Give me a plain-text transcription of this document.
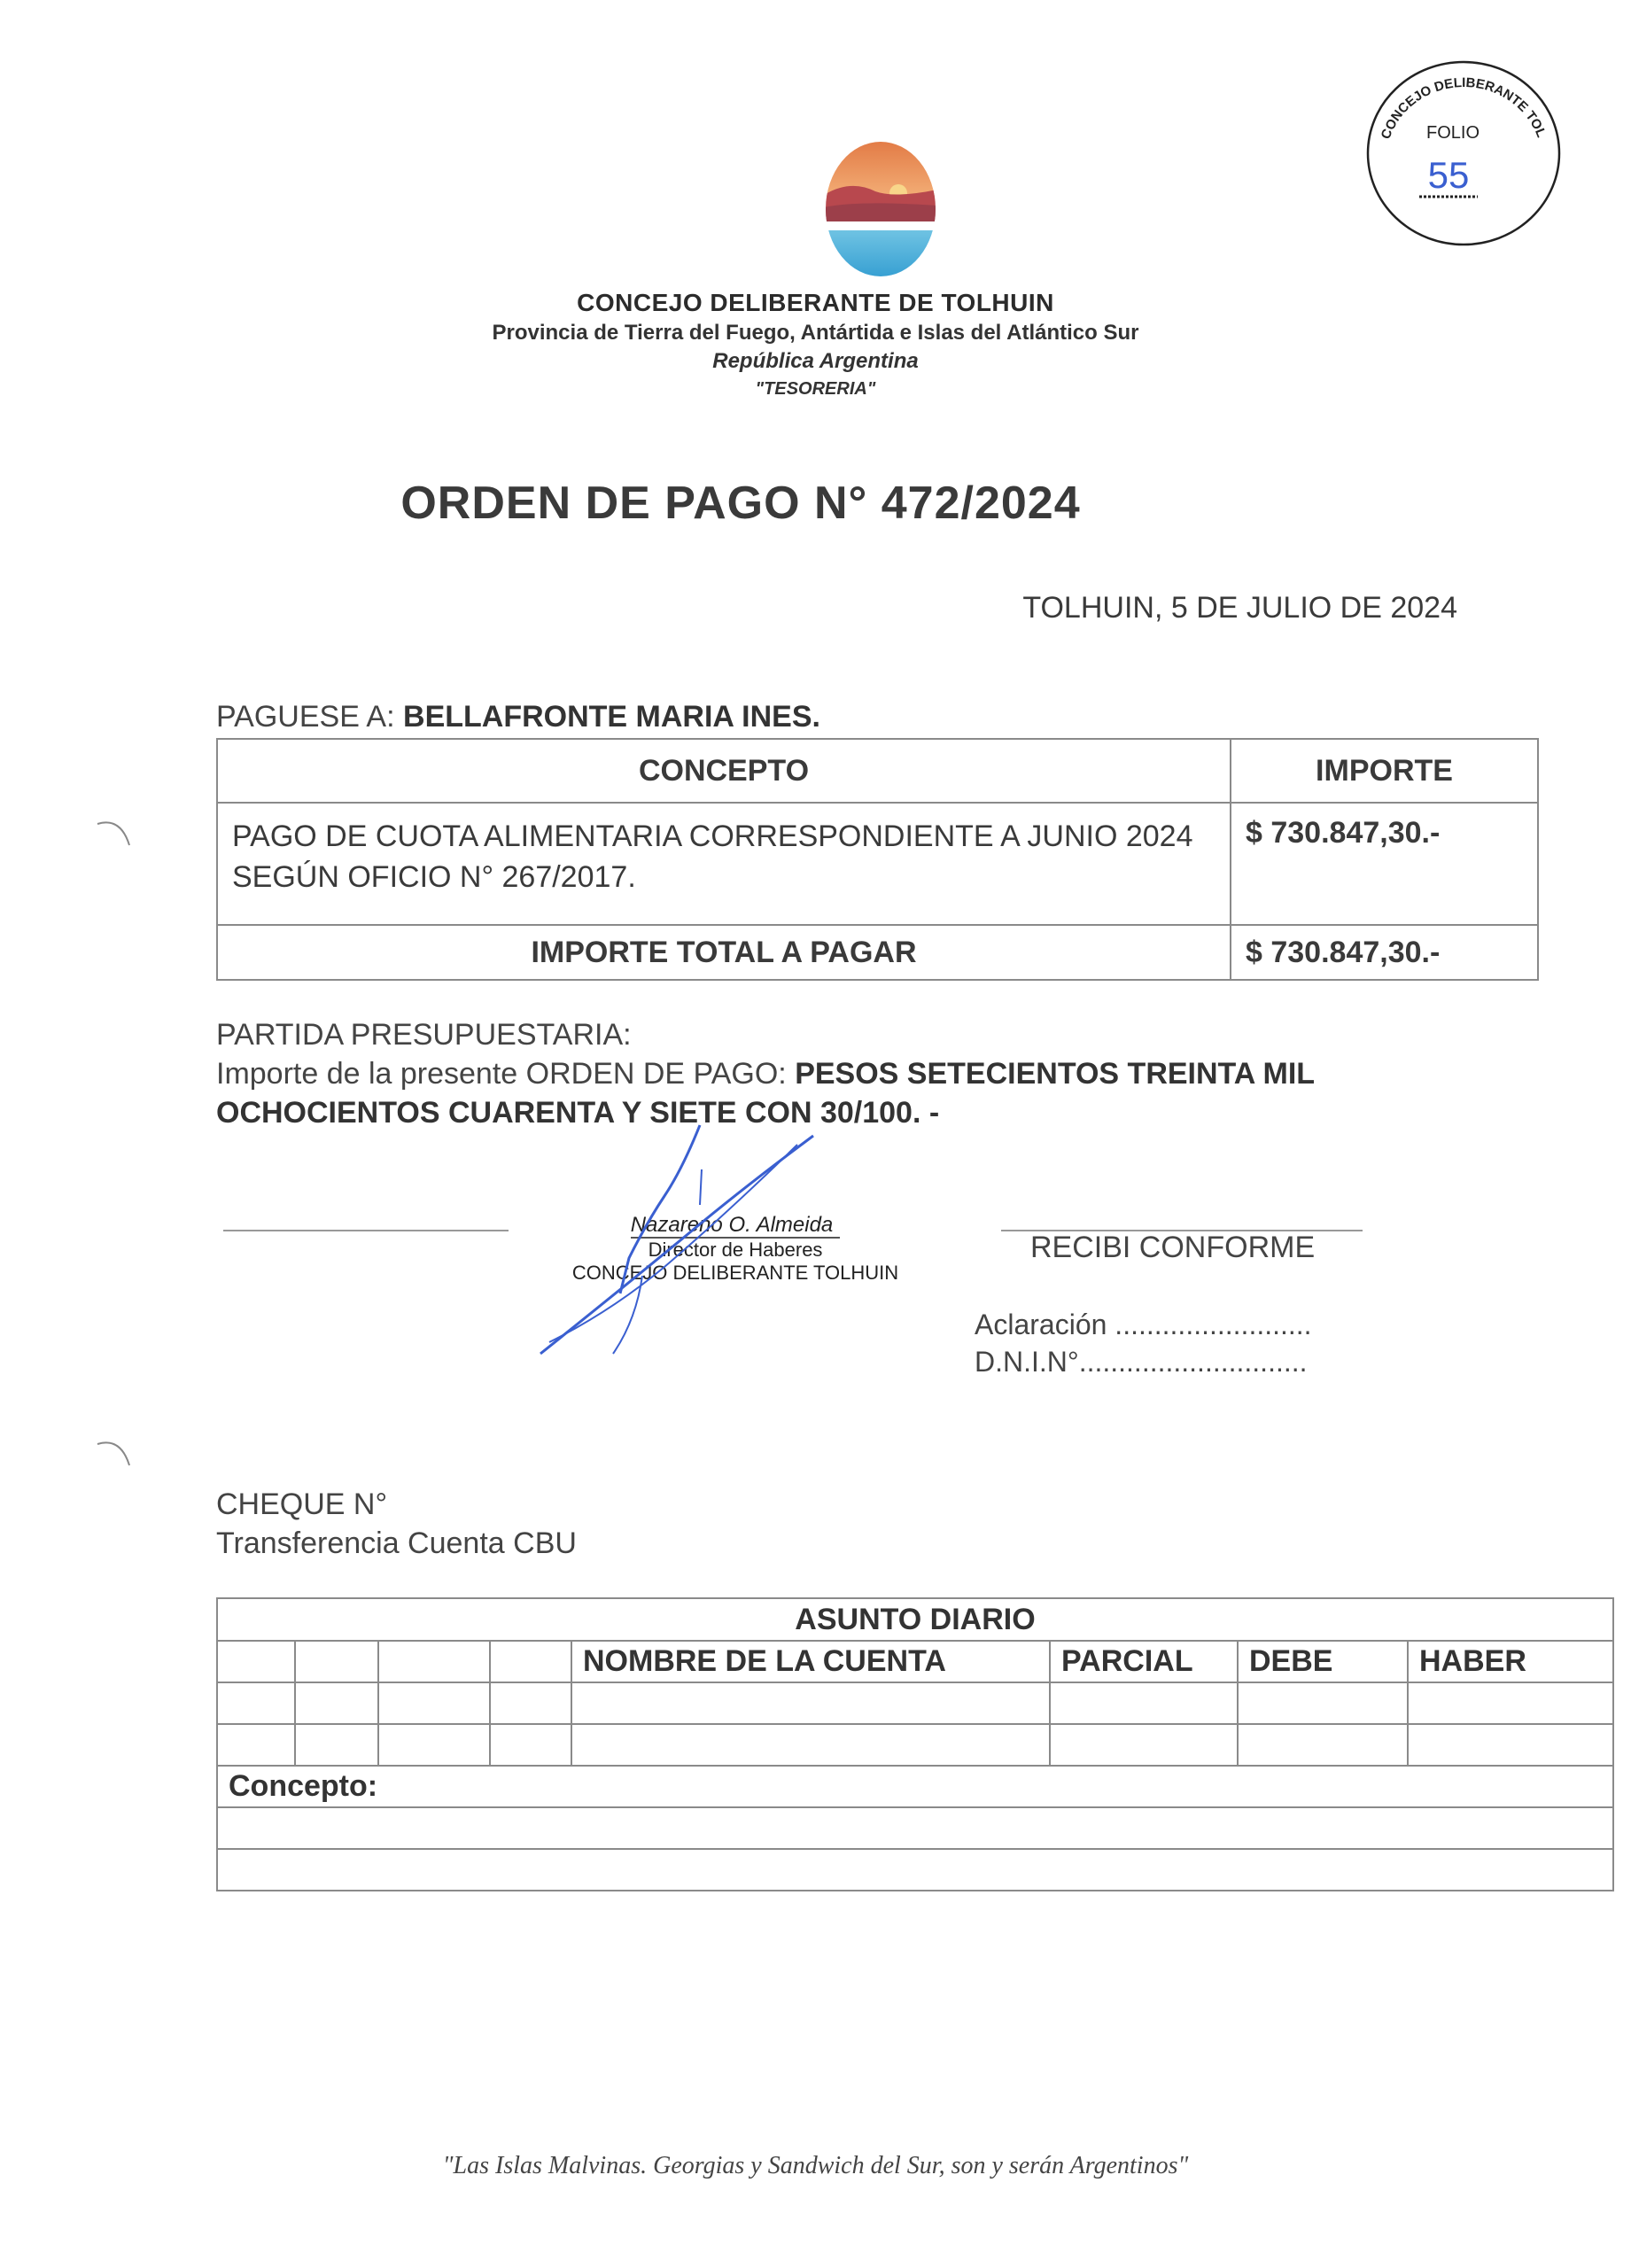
CONCEJO DELIBERANTE TOL
FOLIO
55
CONCEJO DELIBERANTE DE TOLHUIN
Provincia de Tierra del Fuego, Antártida e Islas del Atlántico Sur
República Argentina
"TESORERIA"
ORDEN DE PAGO N° 472/2024
TOLHUIN, 5 DE JULIO DE 2024
PAGUESE A: BELLAFRONTE MARIA INES.
CONCEPTO	IMPORTE
PAGO DE CUOTA ALIMENTARIA CORRESPONDIENTE A JUNIO 2024 SEGÚN OFICIO N° 267/2017.	$ 730.847,30.-
IMPORTE TOTAL A PAGAR	$ 730.847,30.-
PARTIDA PRESUPUESTARIA:
Importe de la presente ORDEN DE PAGO: PESOS SETECIENTOS TREINTA MIL
OCHOCIENTOS CUARENTA Y SIETE CON 30/100. -
Nazareno O. Almeida
Director de Haberes
CONCEJO DELIBERANTE TOLHUIN
RECIBI CONFORME
Aclaración .........................
D.N.I.N°.............................
CHEQUE N°
Transferencia Cuenta CBU
ASUNTO DIARIO							
				NOMBRE DE LA CUENTA	PARCIAL	DEBE	HABER

Concepto:							

"Las Islas Malvinas. Georgias y Sandwich del Sur, son y serán Argentinos"
